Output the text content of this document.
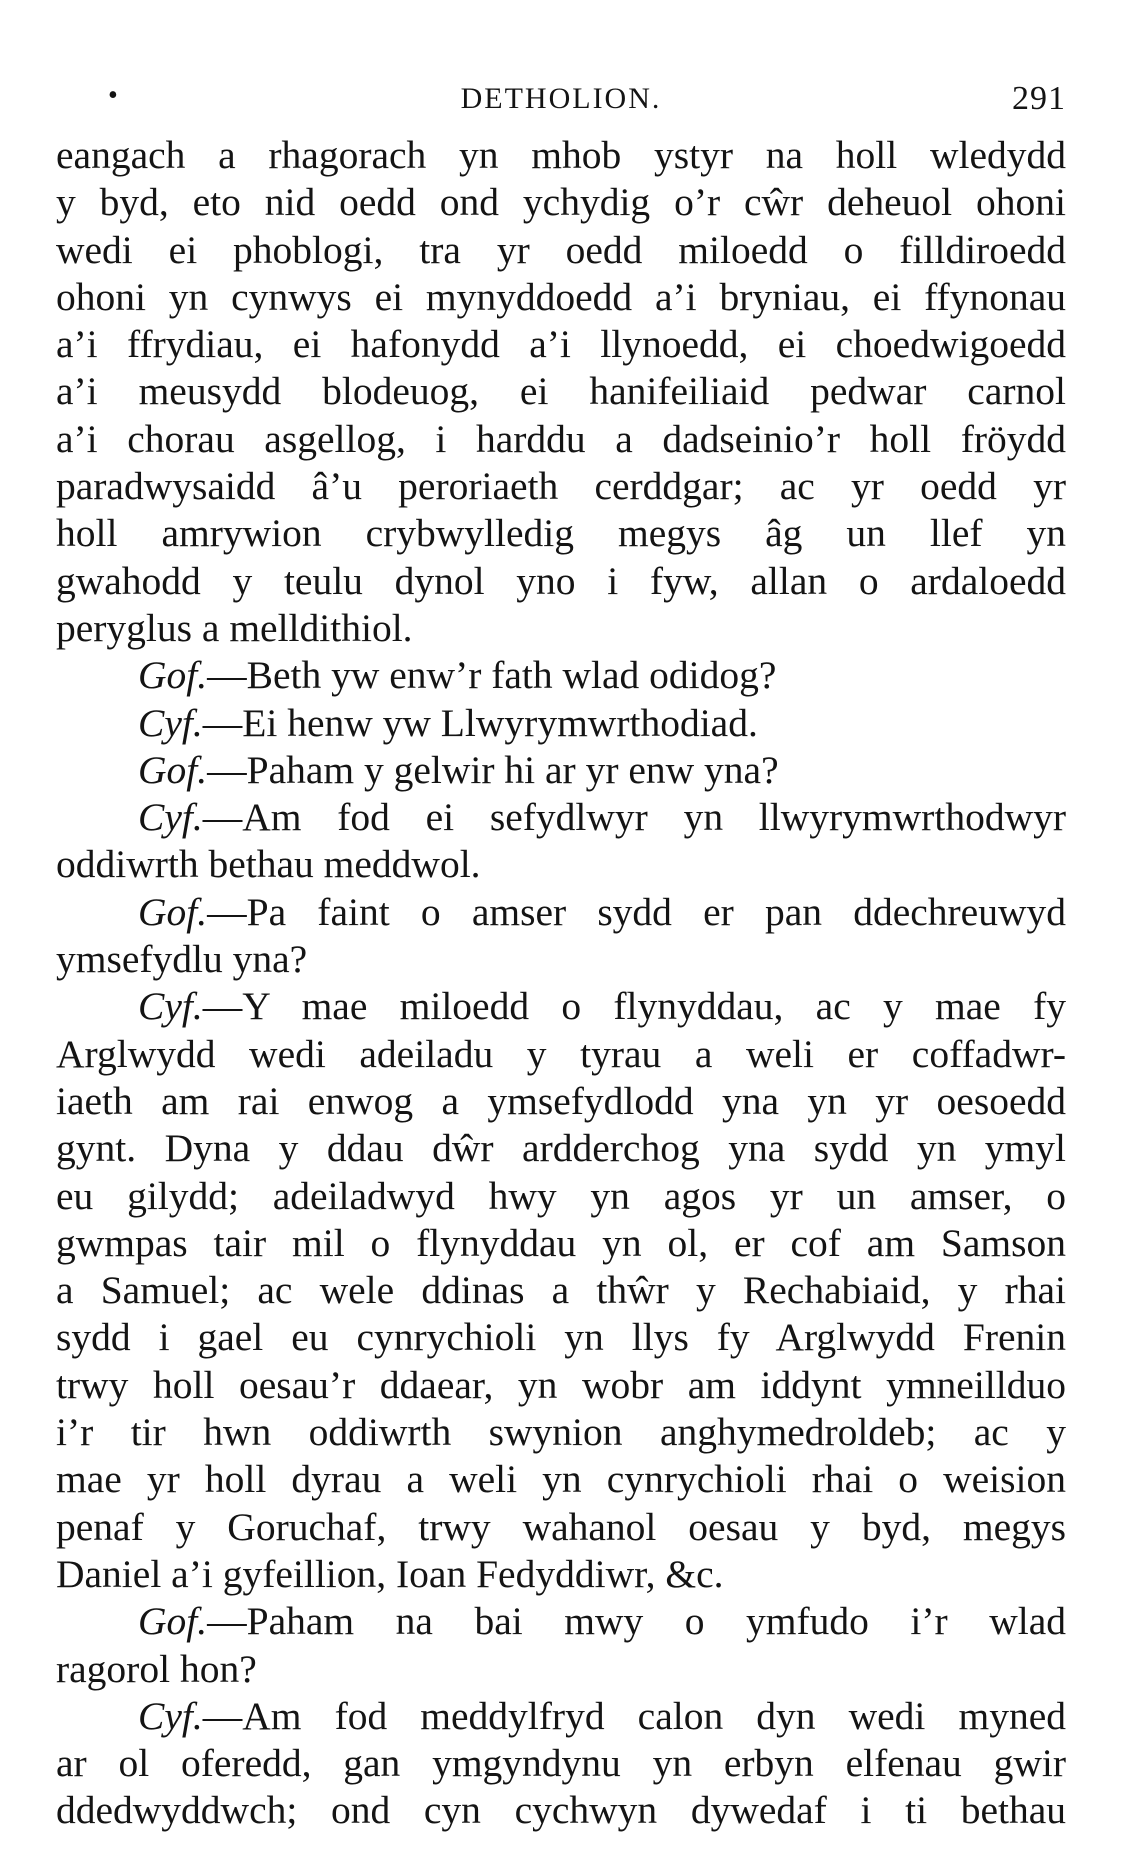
•	DETHOLION.	291
eangach a rhagorach yn mhob ystyr na holl wledydd
y byd, eto nid oedd ond ychydig o’r cŵr deheuol ohoni
wedi ei phoblogi, tra yr oedd miloedd o filldiroedd
ohoni yn cynwys ei mynyddoedd a’i bryniau, ei ffynonau
a’i ffrydiau, ei hafonydd a’i llynoedd, ei choedwigoedd
a’i meusydd blodeuog, ei hanifeiliaid pedwar carnol
a’i chorau asgellog, i harddu a dadseinio’r holl fröydd
paradwysaidd â’u peroriaeth cerddgar; ac yr oedd yr
holl amrywion crybwylledig megys âg un llef yn
gwahodd y teulu dynol yno i fyw, allan o ardaloedd
peryglus a melldithiol.
Gof.—Beth yw enw’r fath wlad odidog?
Cyf.—Ei henw yw Llwyrymwrthodiad.
Gof.—Paham y gelwir hi ar yr enw yna?
Cyf.—Am fod ei sefydlwyr yn llwyrymwrthodwyr
oddiwrth bethau meddwol.
Gof.—Pa faint o amser sydd er pan ddechreuwyd
ymsefydlu yna?
Cyf.—Y mae miloedd o flynyddau, ac y mae fy
Arglwydd wedi adeiladu y tyrau a weli er coffadwr-
iaeth am rai enwog a ymsefydlodd yna yn yr oesoedd
gynt. Dyna y ddau dŵr ardderchog yna sydd yn ymyl
eu gilydd; adeiladwyd hwy yn agos yr un amser, o
gwmpas tair mil o flynyddau yn ol, er cof am Samson
a Samuel; ac wele ddinas a thŵr y Rechabiaid, y rhai
sydd i gael eu cynrychioli yn llys fy Arglwydd Frenin
trwy holl oesau’r ddaear, yn wobr am iddynt ymneillduo
i’r tir hwn oddiwrth swynion anghymedroldeb; ac y
mae yr holl dyrau a weli yn cynrychioli rhai o weision
penaf y Goruchaf, trwy wahanol oesau y byd, megys
Daniel a’i gyfeillion, Ioan Fedyddiwr, &c.
Gof.—Paham na bai mwy o ymfudo i’r wlad
ragorol hon?
Cyf.—Am fod meddylfryd calon dyn wedi myned
ar ol oferedd, gan ymgyndynu yn erbyn elfenau gwir
ddedwyddwch; ond cyn cychwyn dywedaf i ti bethau
